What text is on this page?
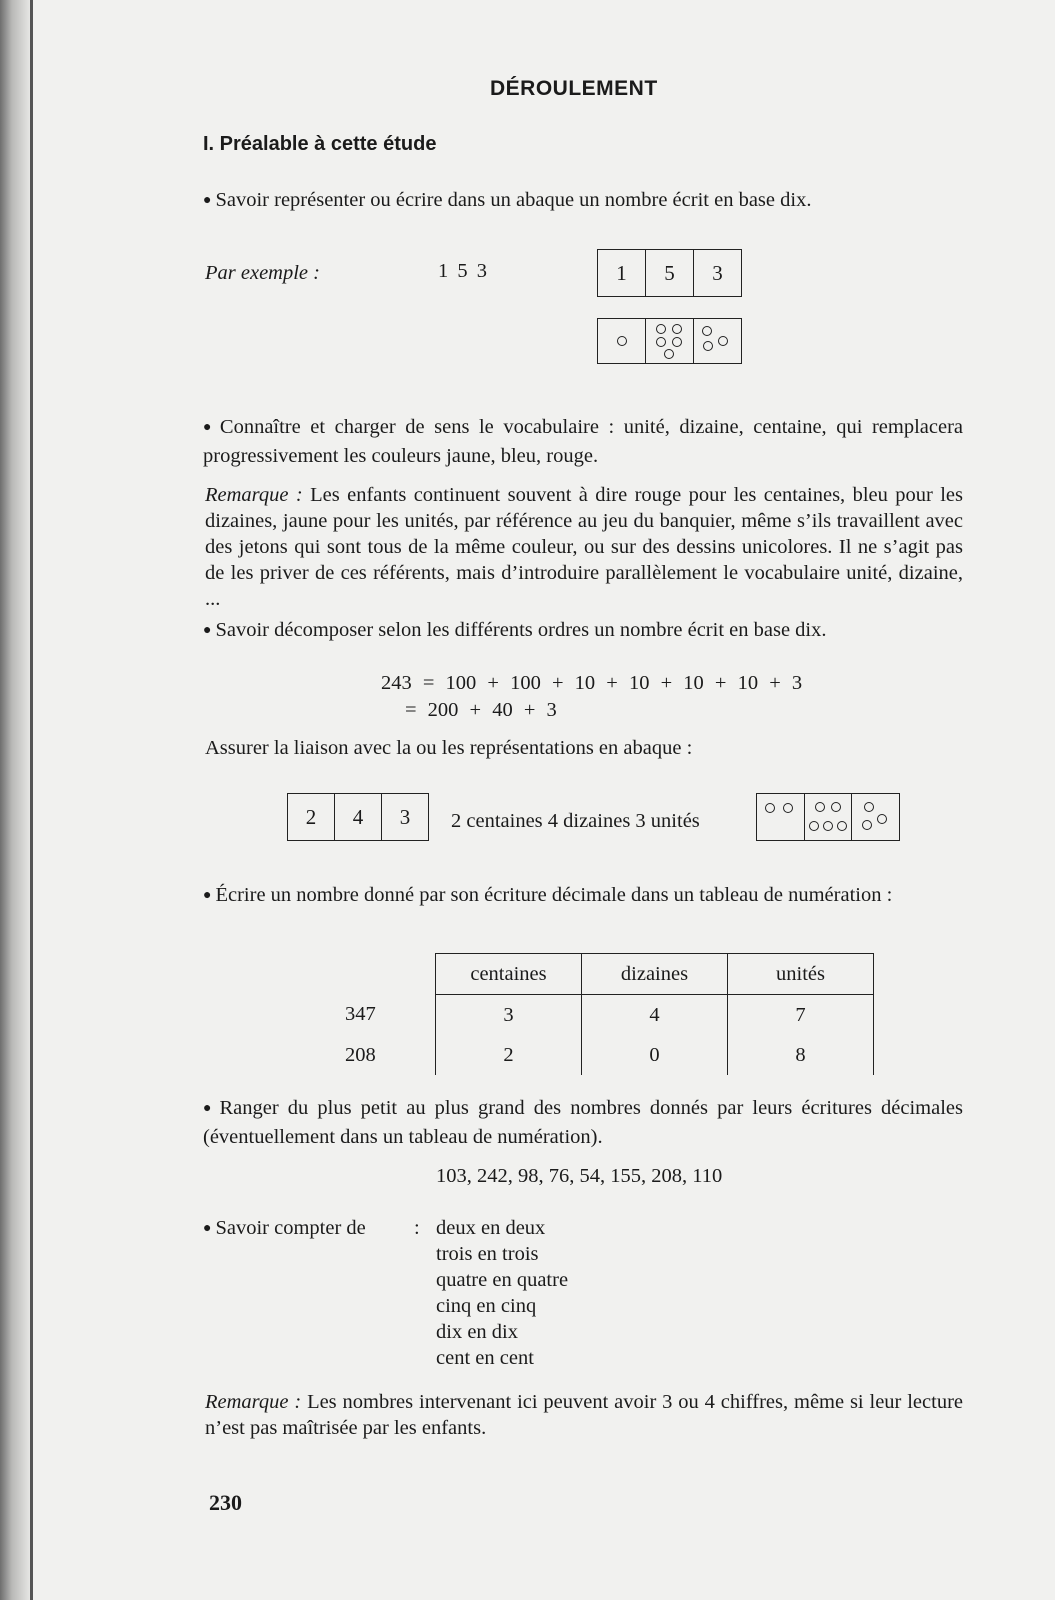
DÉROULEMENT
I. Préalable à cette étude
● Savoir représenter ou écrire dans un abaque un nombre écrit en base dix.
Par exemple :	1 5 3	1	5	3
● Connaître et charger de sens le vocabulaire : unité, dizaine, centaine, qui remplacera progressivement les couleurs jaune, bleu, rouge.
Remarque : Les enfants continuent souvent à dire rouge pour les centaines, bleu pour les dizaines, jaune pour les unités, par référence au jeu du banquier, même s’ils travaillent avec des jetons qui sont tous de la même couleur, ou sur des dessins unicolores. Il ne s’agit pas de les priver de ces référents, mais d’introduire parallèlement le vocabulaire unité, dizaine, ...
● Savoir décomposer selon les différents ordres un nombre écrit en base dix.
243 = 100 + 100 + 10 + 10 + 10 + 10 + 3
= 200 + 40 + 3
Assurer la liaison avec la ou les représentations en abaque :
2	4	3	2 centaines 4 dizaines 3 unités
● Écrire un nombre donné par son écriture décimale dans un tableau de numération :
	centaines	dizaines	unités
347	3	4	7
208	2	0	8
● Ranger du plus petit au plus grand des nombres donnés par leurs écritures décimales (éventuellement dans un tableau de numération).
103, 242, 98, 76, 54, 155, 208, 110
● Savoir compter de : deux en deux
trois en trois
quatre en quatre
cinq en cinq
dix en dix
cent en cent
Remarque : Les nombres intervenant ici peuvent avoir 3 ou 4 chiffres, même si leur lecture n’est pas maîtrisée par les enfants.
230
